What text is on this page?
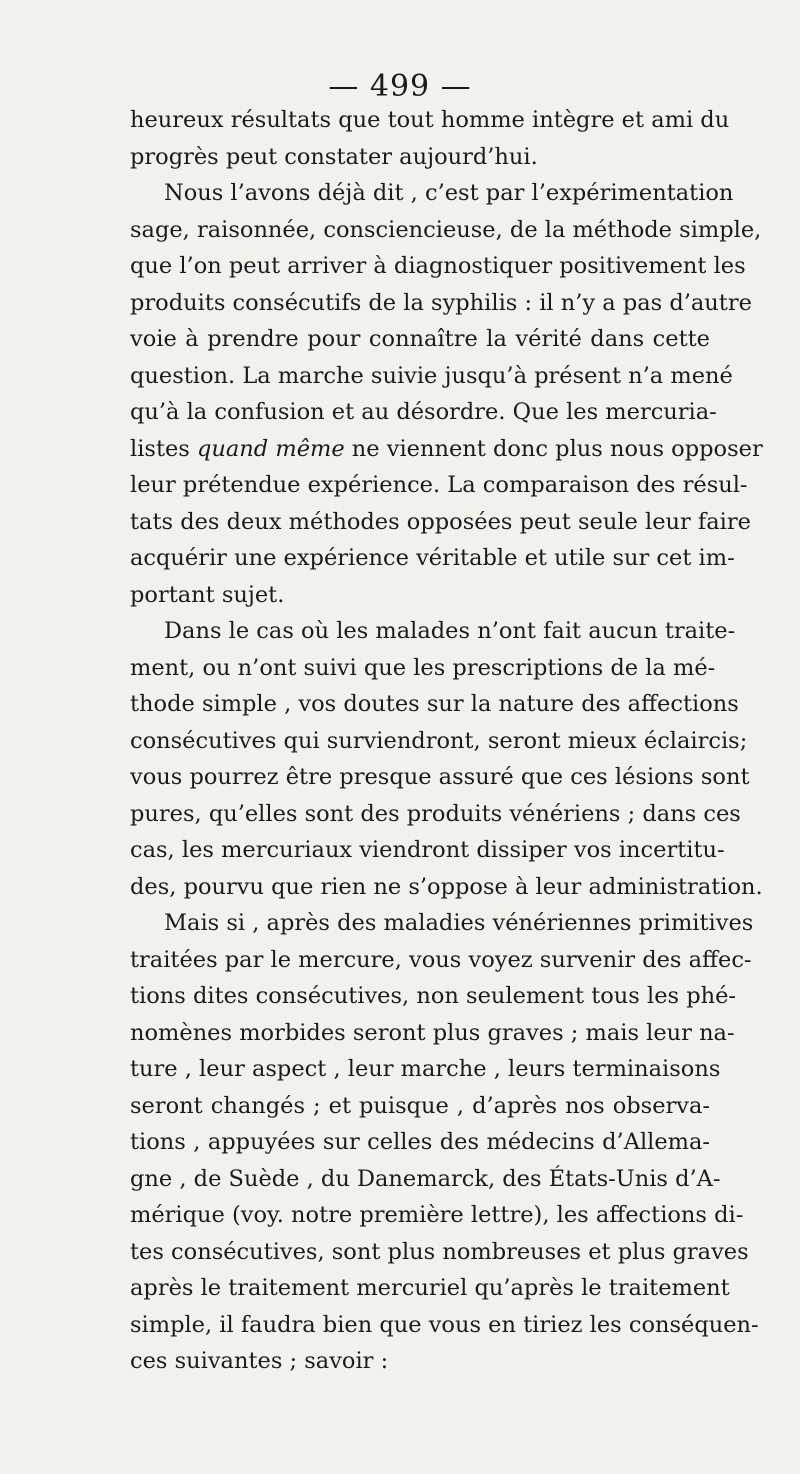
— 499 —
heureux résultats que tout homme intègre et ami du
progrès peut constater aujourd’hui.
Nous l’avons déjà dit , c’est par l’expérimentation
sage, raisonnée, consciencieuse, de la méthode simple,
que l’on peut arriver à diagnostiquer positivement les
produits consécutifs de la syphilis : il n’y a pas d’autre
voie à prendre pour connaître la vérité dans cette
question. La marche suivie jusqu’à présent n’a mené
qu’à la confusion et au désordre. Que les mercuria-
listes quand même ne viennent donc plus nous opposer
leur prétendue expérience. La comparaison des résul-
tats des deux méthodes opposées peut seule leur faire
acquérir une expérience véritable et utile sur cet im-
portant sujet.
Dans le cas où les malades n’ont fait aucun traite-
ment, ou n’ont suivi que les prescriptions de la mé-
thode simple , vos doutes sur la nature des affections
consécutives qui surviendront, seront mieux éclaircis;
vous pourrez être presque assuré que ces lésions sont
pures, qu’elles sont des produits vénériens ; dans ces
cas, les mercuriaux viendront dissiper vos incertitu-
des, pourvu que rien ne s’oppose à leur administration.
Mais si , après des maladies vénériennes primitives
traitées par le mercure, vous voyez survenir des affec-
tions dites consécutives, non seulement tous les phé-
nomènes morbides seront plus graves ; mais leur na-
ture , leur aspect , leur marche , leurs terminaisons
seront changés ; et puisque , d’après nos observa-
tions , appuyées sur celles des médecins d’Allema-
gne , de Suède , du Danemarck, des États-Unis d’A-
mérique (voy. notre première lettre), les affections di-
tes consécutives, sont plus nombreuses et plus graves
après le traitement mercuriel qu’après le traitement
simple, il faudra bien que vous en tiriez les conséquen-
ces suivantes ; savoir :
